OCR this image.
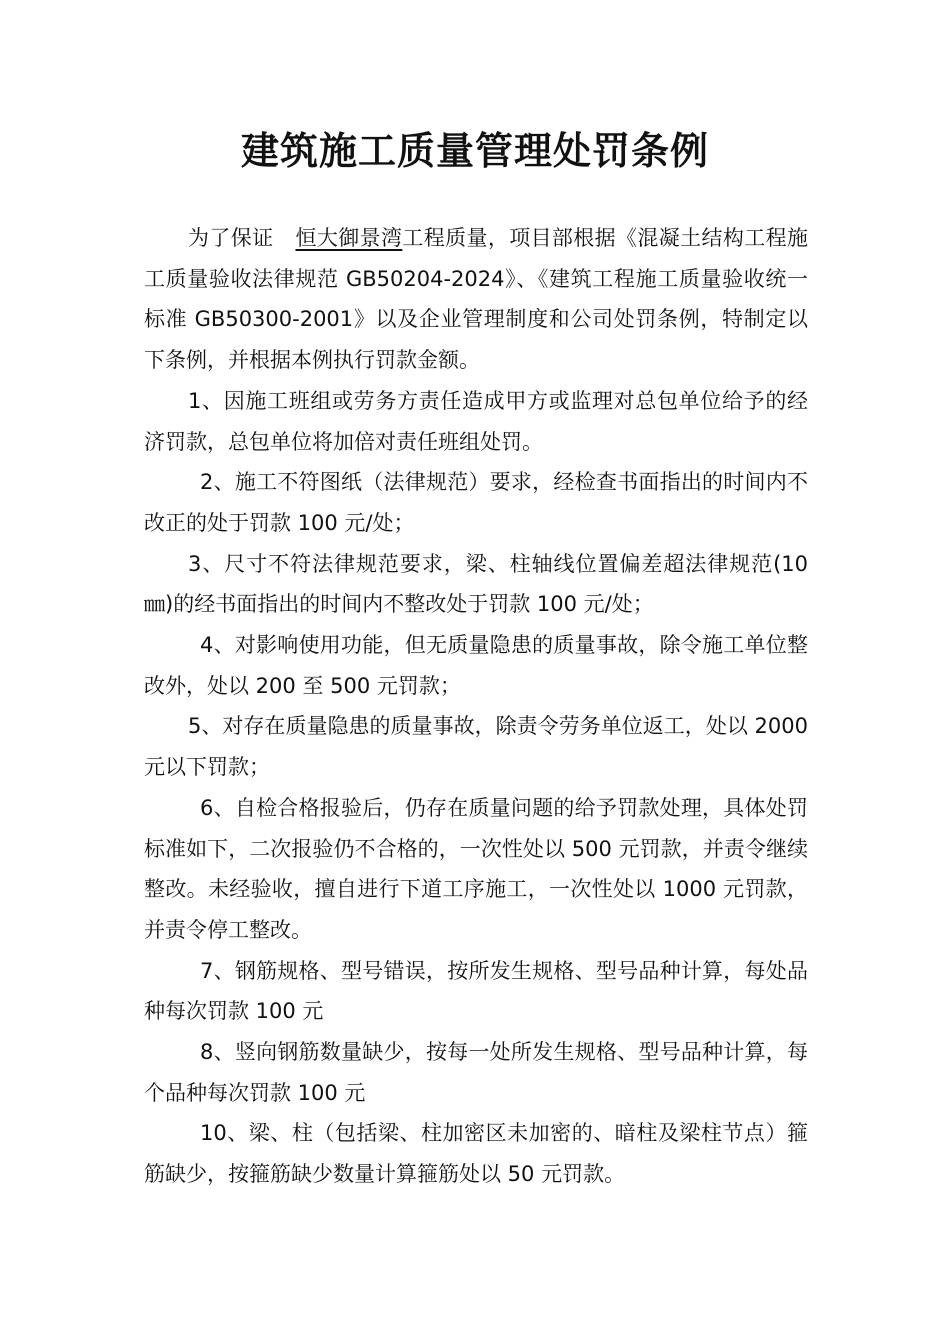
建筑施工质量管理处罚条例

为了保证 恒大御景湾工程质量，项目部根据《混凝土结构工程施工质量验收法律规范 GB50204-2024》、《建筑工程施工质量验收统一标准 GB50300-2001》以及企业管理制度和公司处罚条例，特制定以下条例，并根据本例执行罚款金额。

1、因施工班组或劳务方责任造成甲方或监理对总包单位给予的经济罚款，总包单位将加倍对责任班组处罚。

2、施工不符图纸（法律规范）要求，经检查书面指出的时间内不改正的处于罚款 100 元/处；

3、尺寸不符法律规范要求，梁、柱轴线位置偏差超法律规范(10㎜)的经书面指出的时间内不整改处于罚款 100 元/处；

4、对影响使用功能，但无质量隐患的质量事故，除令施工单位整改外，处以 200 至 500 元罚款；

5、对存在质量隐患的质量事故，除责令劳务单位返工，处以 2000 元以下罚款；

6、自检合格报验后，仍存在质量问题的给予罚款处理，具体处罚标准如下，二次报验仍不合格的，一次性处以 500 元罚款，并责令继续整改。未经验收，擅自进行下道工序施工，一次性处以 1000 元罚款，并责令停工整改。

7、钢筋规格、型号错误，按所发生规格、型号品种计算，每处品种每次罚款 100 元

8、竖向钢筋数量缺少，按每一处所发生规格、型号品种计算，每个品种每次罚款 100 元

10、梁、柱（包括梁、柱加密区未加密的、暗柱及梁柱节点）箍筋缺少，按箍筋缺少数量计算箍筋处以 50 元罚款。
